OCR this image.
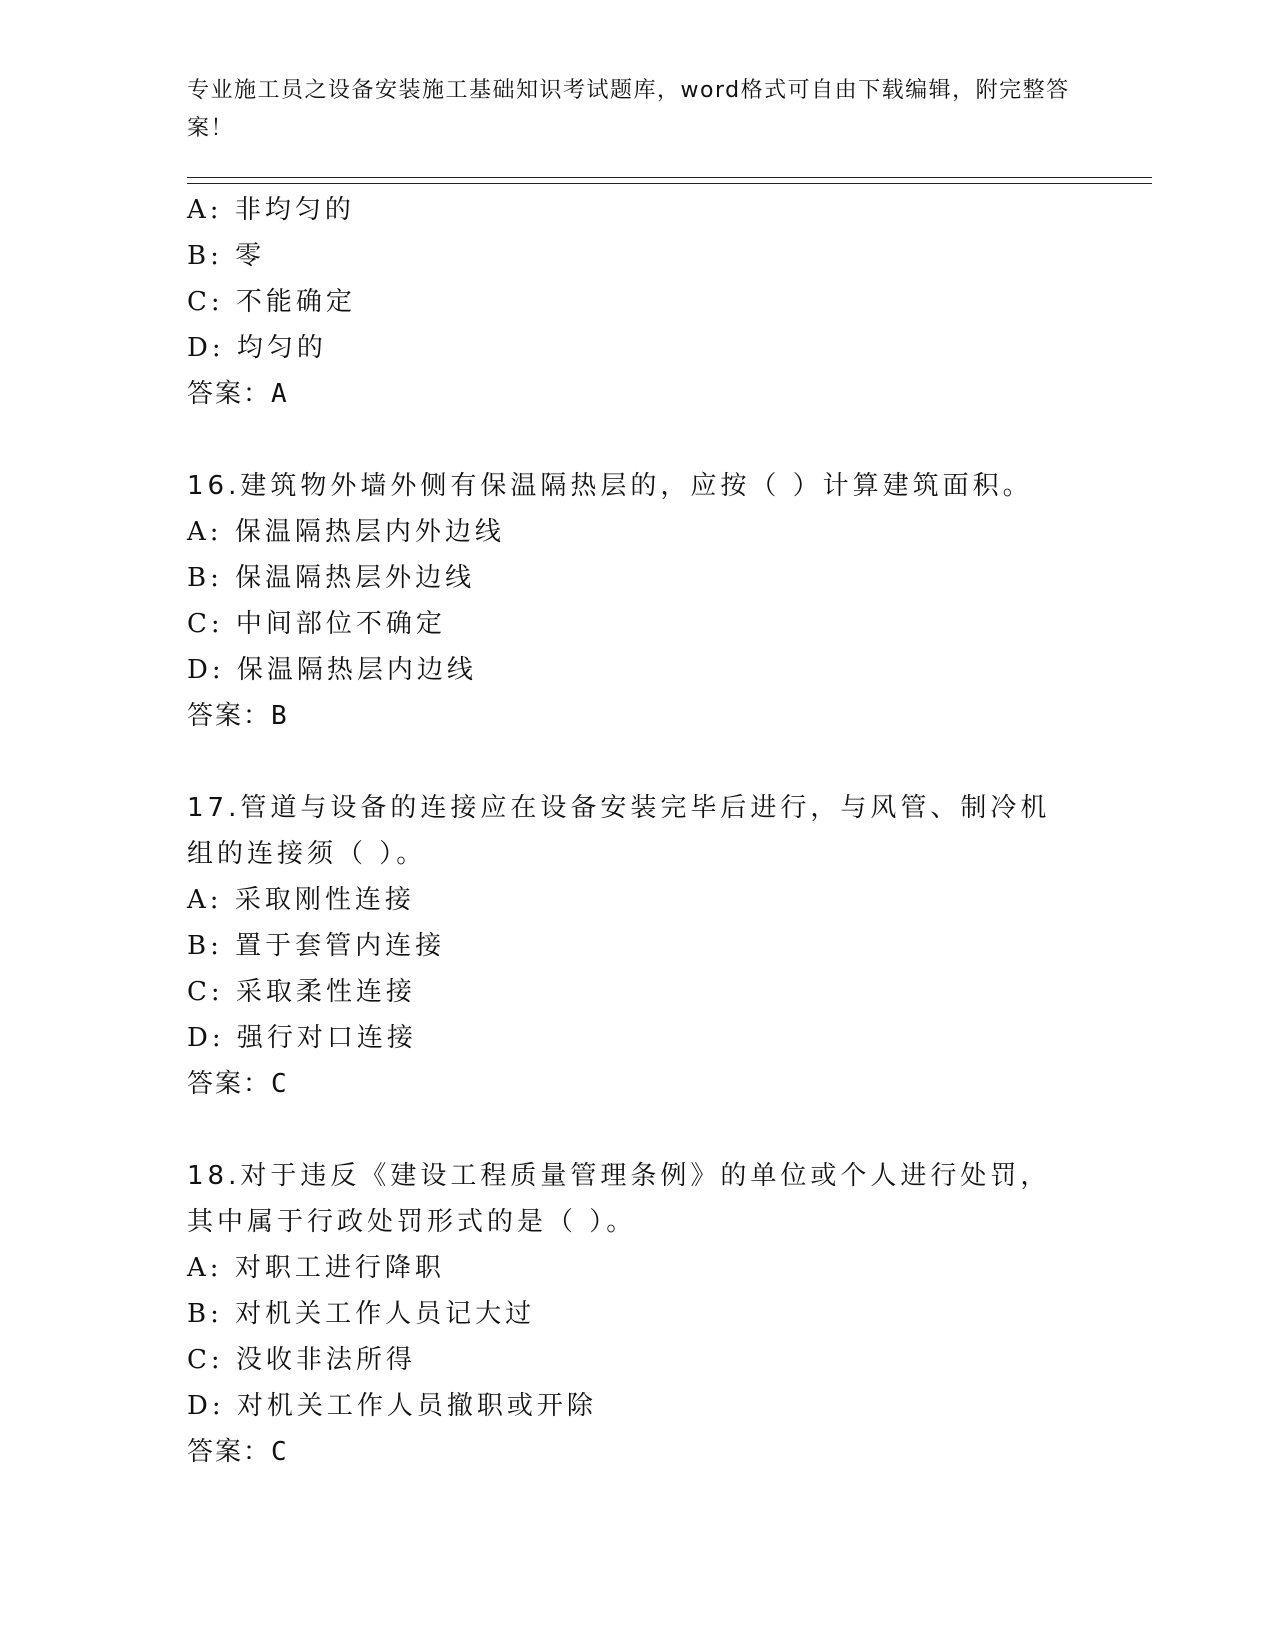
专业施工员之设备安装施工基础知识考试题库，word格式可自由下载编辑，附完整答案！
A: 非均匀的
B: 零
C: 不能确定
D: 均匀的
答案：A
16.建筑物外墙外侧有保温隔热层的，应按（ ）计算建筑面积。
A: 保温隔热层内外边线
B: 保温隔热层外边线
C: 中间部位不确定
D: 保温隔热层内边线
答案：B
17.管道与设备的连接应在设备安装完毕后进行，与风管、制冷机组的连接须（ ）。
A: 采取刚性连接
B: 置于套管内连接
C: 采取柔性连接
D: 强行对口连接
答案：C
18.对于违反《建设工程质量管理条例》的单位或个人进行处罚，其中属于行政处罚形式的是（ ）。
A: 对职工进行降职
B: 对机关工作人员记大过
C: 没收非法所得
D: 对机关工作人员撤职或开除
答案：C
